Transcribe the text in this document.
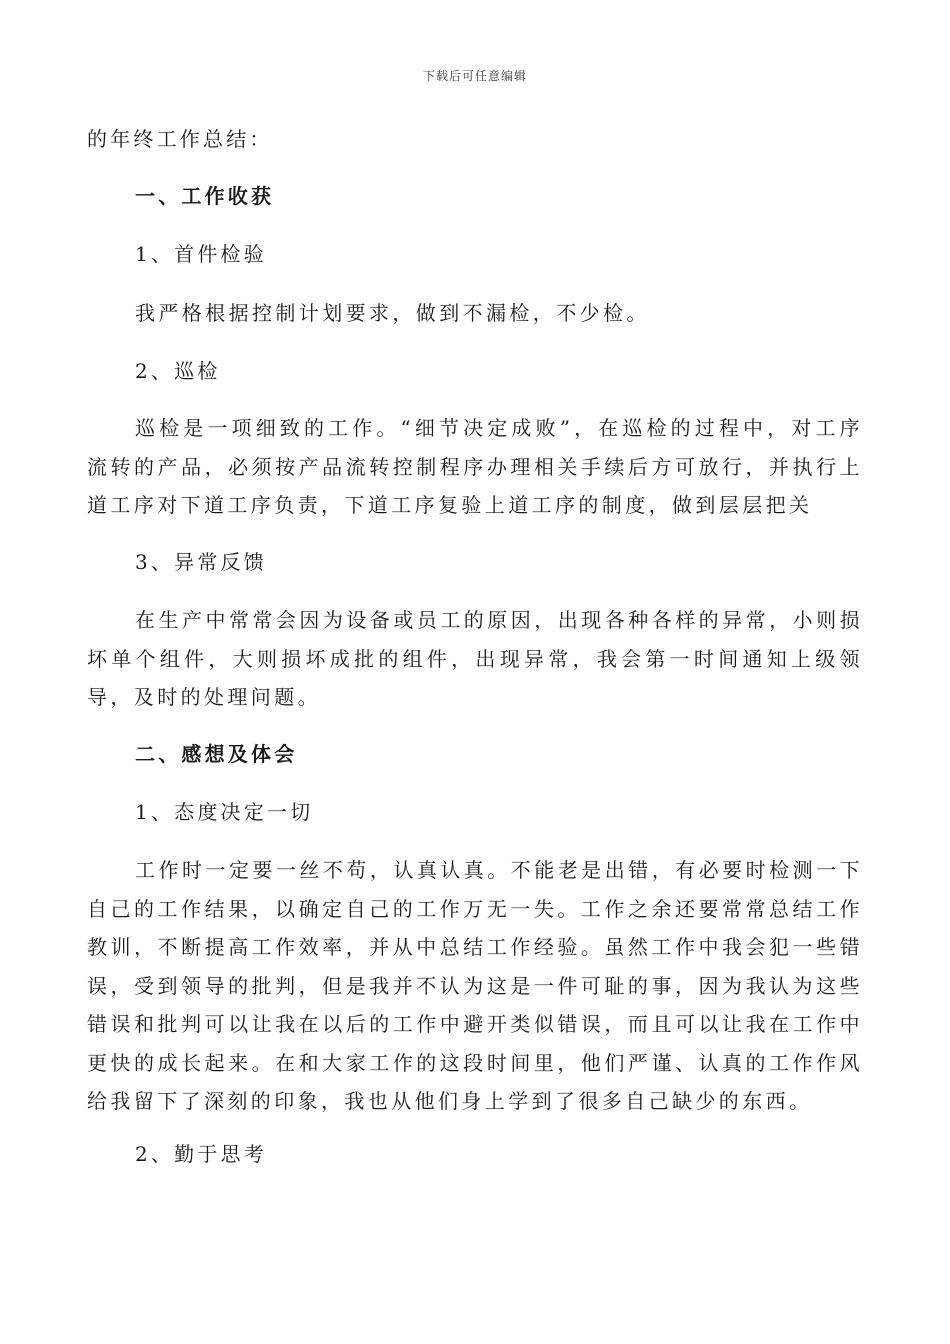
下载后可任意编辑
的年终工作总结：
一、工作收获
1、首件检验
我严格根据控制计划要求，做到不漏检，不少检。
2、巡检
巡检是一项细致的工作。“细节决定成败”，在巡检的过程中，对工序流转的产品，必须按产品流转控制程序办理相关手续后方可放行，并执行上道工序对下道工序负责，下道工序复验上道工序的制度，做到层层把关
3、异常反馈
在生产中常常会因为设备或员工的原因，出现各种各样的异常，小则损坏单个组件，大则损坏成批的组件，出现异常，我会第一时间通知上级领导，及时的处理问题。
二、感想及体会
1、态度决定一切
工作时一定要一丝不苟，认真认真。不能老是出错，有必要时检测一下自己的工作结果，以确定自己的工作万无一失。工作之余还要常常总结工作教训，不断提高工作效率，并从中总结工作经验。虽然工作中我会犯一些错误，受到领导的批判，但是我并不认为这是一件可耻的事，因为我认为这些错误和批判可以让我在以后的工作中避开类似错误，而且可以让我在工作中更快的成长起来。在和大家工作的这段时间里，他们严谨、认真的工作作风给我留下了深刻的印象，我也从他们身上学到了很多自己缺少的东西。
2、勤于思考
